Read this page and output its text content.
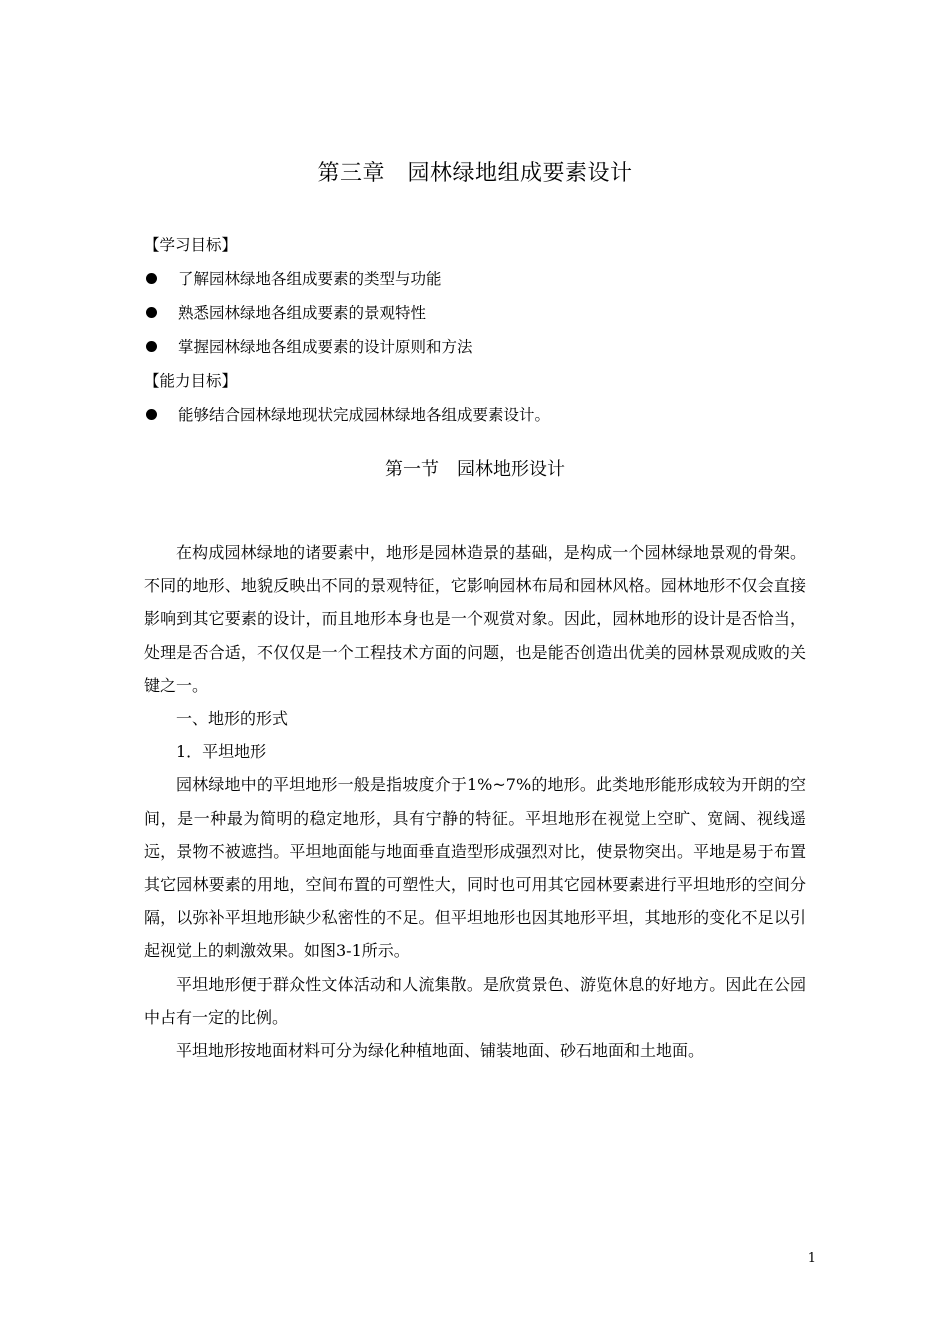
第三章　园林绿地组成要素设计
【学习目标】
了解园林绿地各组成要素的类型与功能
熟悉园林绿地各组成要素的景观特性
掌握园林绿地各组成要素的设计原则和方法
【能力目标】
能够结合园林绿地现状完成园林绿地各组成要素设计。
第一节　园林地形设计

在构成园林绿地的诸要素中，地形是园林造景的基础，是构成一个园林绿地景观的骨架。不同的地形、地貌反映出不同的景观特征，它影响园林布局和园林风格。园林地形不仅会直接影响到其它要素的设计，而且地形本身也是一个观赏对象。因此，园林地形的设计是否恰当，处理是否合适，不仅仅是一个工程技术方面的问题，也是能否创造出优美的园林景观成败的关键之一。

一、地形的形式

1．平坦地形

园林绿地中的平坦地形一般是指坡度介于1%~7%的地形。此类地形能形成较为开朗的空间，是一种最为简明的稳定地形，具有宁静的特征。平坦地形在视觉上空旷、宽阔、视线遥远，景物不被遮挡。平坦地面能与地面垂直造型形成强烈对比，使景物突出。平地是易于布置其它园林要素的用地，空间布置的可塑性大，同时也可用其它园林要素进行平坦地形的空间分隔，以弥补平坦地形缺少私密性的不足。但平坦地形也因其地形平坦，其地形的变化不足以引起视觉上的刺激效果。如图3-1所示。

平坦地形便于群众性文体活动和人流集散。是欣赏景色、游览休息的好地方。因此在公园中占有一定的比例。

平坦地形按地面材料可分为绿化种植地面、铺装地面、砂石地面和土地面。

1
